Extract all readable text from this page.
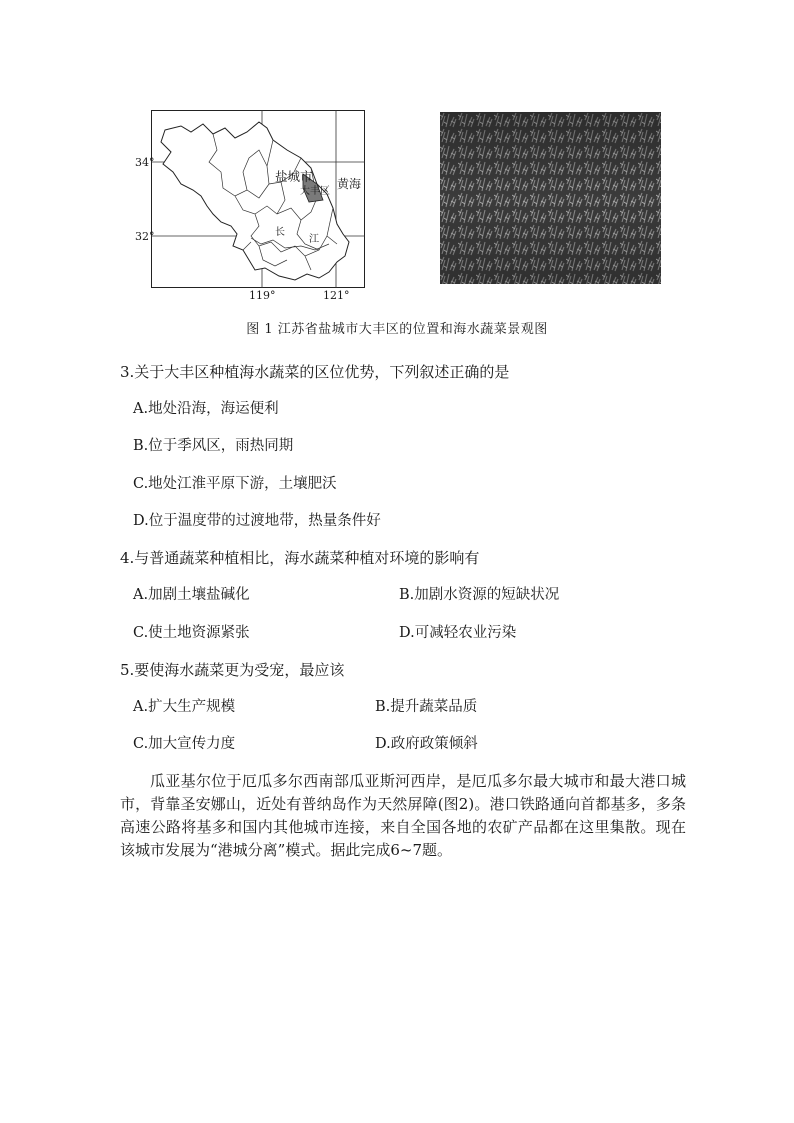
34°
32°
119°	121°
盐城市
大丰区
黄海
长
江
图 1 江苏省盐城市大丰区的位置和海水蔬菜景观图
3.关于大丰区种植海水蔬菜的区位优势，下列叙述正确的是
A.地处沿海，海运便利
B.位于季风区，雨热同期
C.地处江淮平原下游，土壤肥沃
D.位于温度带的过渡地带，热量条件好
4.与普通蔬菜种植相比，海水蔬菜种植对环境的影响有
A.加剧土壤盐碱化	B.加剧水资源的短缺状况
C.使土地资源紧张	D.可减轻农业污染
5.要使海水蔬菜更为受宠，最应该
A.扩大生产规模	B.提升蔬菜品质
C.加大宣传力度	D.政府政策倾斜
瓜亚基尔位于厄瓜多尔西南部瓜亚斯河西岸，是厄瓜多尔最大城市和最大港口城市，背靠圣安娜山，近处有普纳岛作为天然屏障(图2)。港口铁路通向首都基多，多条高速公路将基多和国内其他城市连接，来自全国各地的农矿产品都在这里集散。现在该城市发展为“港城分离”模式。据此完成6~7题。
